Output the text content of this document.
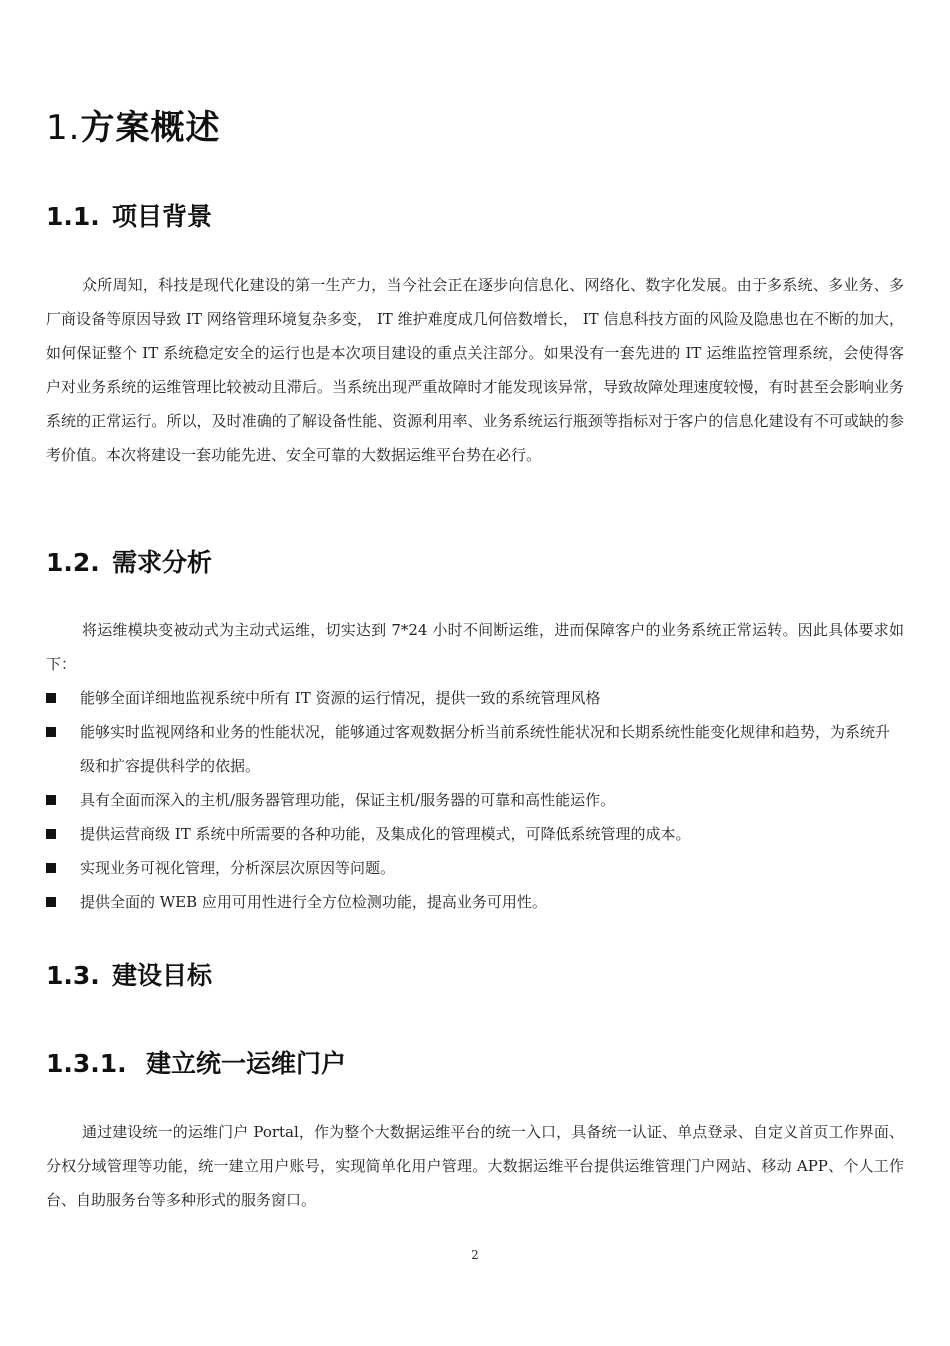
1.方案概述
1.1. 项目背景

众所周知，科技是现代化建设的第一生产力，当今社会正在逐步向信息化、网络化、数字化发展。由于多系统、多业务、多厂商设备等原因导致 IT 网络管理环境复杂多变， IT 维护难度成几何倍数增长， IT 信息科技方面的风险及隐患也在不断的加大，如何保证整个 IT 系统稳定安全的运行也是本次项目建设的重点关注部分。如果没有一套先进的 IT 运维监控管理系统，会使得客户对业务系统的运维管理比较被动且滞后。当系统出现严重故障时才能发现该异常，导致故障处理速度较慢，有时甚至会影响业务系统的正常运行。所以，及时准确的了解设备性能、资源利用率、业务系统运行瓶颈等指标对于客户的信息化建设有不可或缺的参考价值。本次将建设一套功能先进、安全可靠的大数据运维平台势在必行。

1.2. 需求分析

将运维模块变被动式为主动式运维，切实达到 7*24 小时不间断运维，进而保障客户的业务系统正常运转。因此具体要求如下：

能够全面详细地监视系统中所有 IT 资源的运行情况，提供一致的系统管理风格
能够实时监视网络和业务的性能状况，能够通过客观数据分析当前系统性能状况和长期系统性能变化规律和趋势，为系统升级和扩容提供科学的依据。
具有全面而深入的主机/服务器管理功能，保证主机/服务器的可靠和高性能运作。
提供运营商级 IT 系统中所需要的各种功能，及集成化的管理模式，可降低系统管理的成本。
实现业务可视化管理，分析深层次原因等问题。
提供全面的 WEB 应用可用性进行全方位检测功能，提高业务可用性。
1.3. 建设目标
1.3.1. 建立统一运维门户

通过建设统一的运维门户 Portal，作为整个大数据运维平台的统一入口，具备统一认证、单点登录、自定义首页工作界面、分权分域管理等功能，统一建立用户账号，实现简单化用户管理。大数据运维平台提供运维管理门户网站、移动 APP、个人工作台、自助服务台等多种形式的服务窗口。

2
